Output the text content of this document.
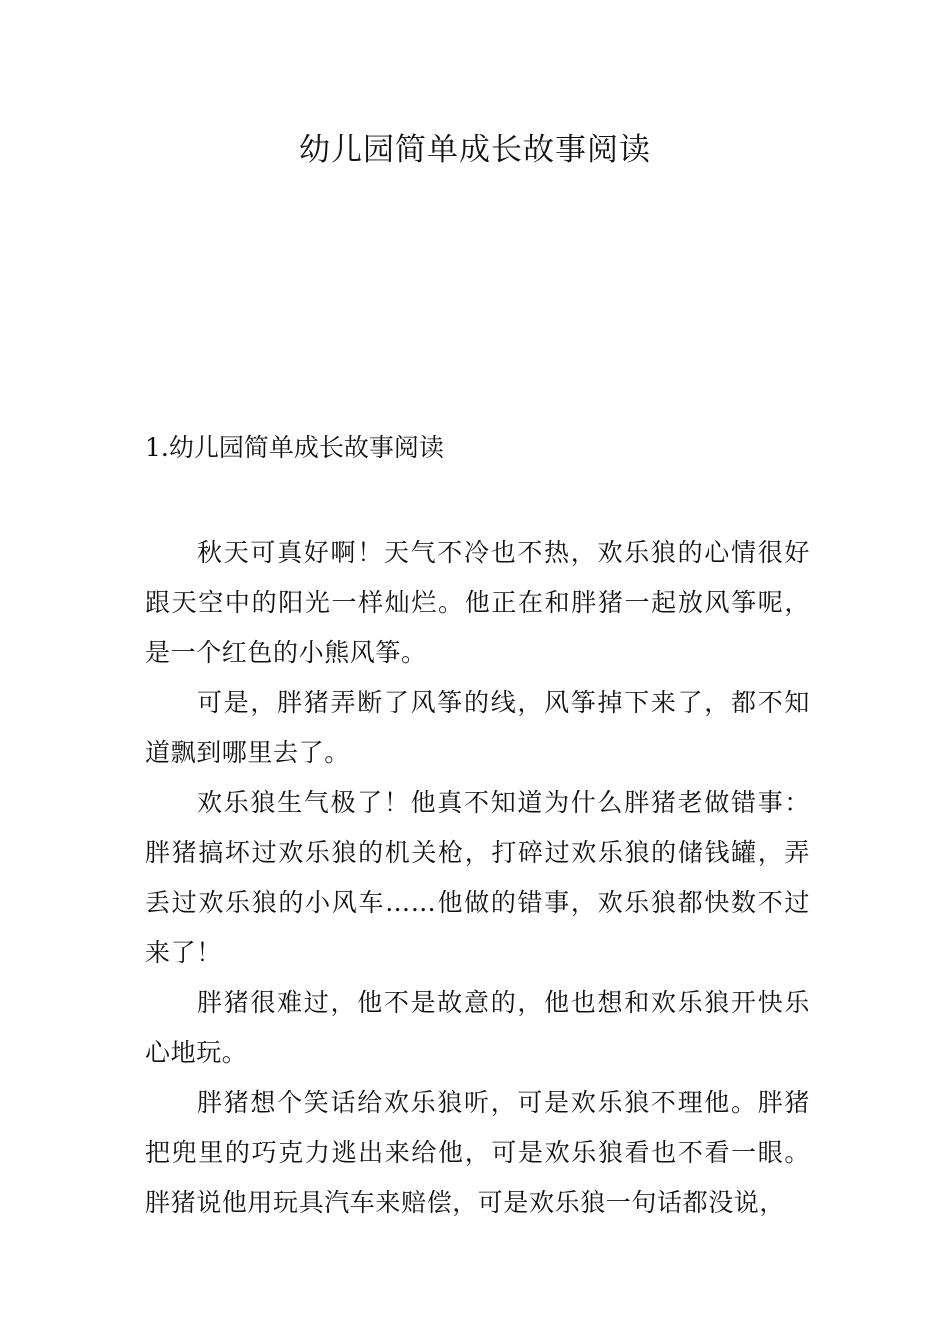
幼儿园简单成长故事阅读
1.幼儿园简单成长故事阅读

秋天可真好啊！天气不冷也不热，欢乐狼的心情很好跟天空中的阳光一样灿烂。他正在和胖猪一起放风筝呢，是一个红色的小熊风筝。

可是，胖猪弄断了风筝的线，风筝掉下来了，都不知道飘到哪里去了。

欢乐狼生气极了！他真不知道为什么胖猪老做错事：胖猪搞坏过欢乐狼的机关枪，打碎过欢乐狼的储钱罐，弄丢过欢乐狼的小风车……他做的错事，欢乐狼都快数不过来了！

胖猪很难过，他不是故意的，他也想和欢乐狼开快乐心地玩。

胖猪想个笑话给欢乐狼听，可是欢乐狼不理他。胖猪把兜里的巧克力逃出来给他，可是欢乐狼看也不看一眼。胖猪说他用玩具汽车来赔偿，可是欢乐狼一句话都没说，
